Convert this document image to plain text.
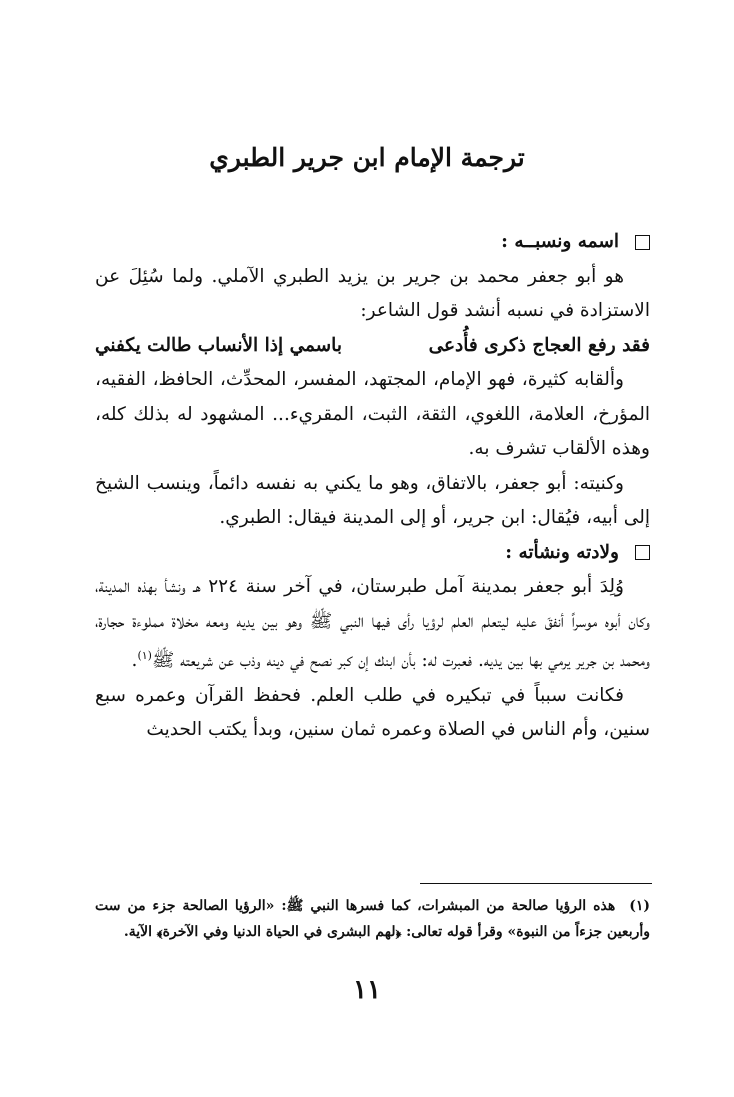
ترجمة الإمام ابن جرير الطبري

اسمه ونسبــه :

هو أبو جعفر محمد بن جرير بن يزيد الطبري الآملي. ولما سُئِلَ عن الاستزادة في نسبه أنشد قول الشاعر:

فقد رفع العجاج ذكرى فأُدعى
باسمي إذا الأنساب طالت يكفني

وألقابه كثيرة، فهو الإمام، المجتهد، المفسر، المحدِّث، الحافظ، الفقيه، المؤرخ، العلامة، اللغوي، الثقة، الثبت، المقريء... المشهود له بذلك كله، وهذه الألقاب تشرف به.

وكنيته: أبو جعفر، بالاتفاق، وهو ما يكني به نفسه دائماً، وينسب الشيخ إلى أبيه، فيُقال: ابن جرير، أو إلى المدينة فيقال: الطبري.

ولادته ونشأته :

وُلِدَ أبو جعفر بمدينة آمل طبرستان، في آخر سنة ٢٢٤ هـ ونشأ بهذه المدينة، وكان أبوه موسراً أنفقَ عليه ليتعلم العلم لرؤيا رأى فيها النبي ﷺ وهو بين يديه ومعه مخلاة مملوءة حجارة، ومحمد بن جرير يرمي بها بين يديه. فعبرت له: بأن ابنك إن كبر نصح في دينه وذب عن شريعته ﷺ$^{(١)}$.

فكانت سبباً في تبكيره في طلب العلم. فحفظ القرآن وعمره سبع سنين، وأم الناس في الصلاة وعمره ثمان سنين، وبدأ يكتب الحديث

(١)هذه الرؤيا صالحة من المبشرات، كما فسرها النبي ﷺ: «الرؤيا الصالحة جزء من ست وأربعين جزءاً من النبوة» وقرأ قوله تعالى: ﴿لهم البشرى في الحياة الدنيا وفي الآخرة﴾ الآية.

١١
